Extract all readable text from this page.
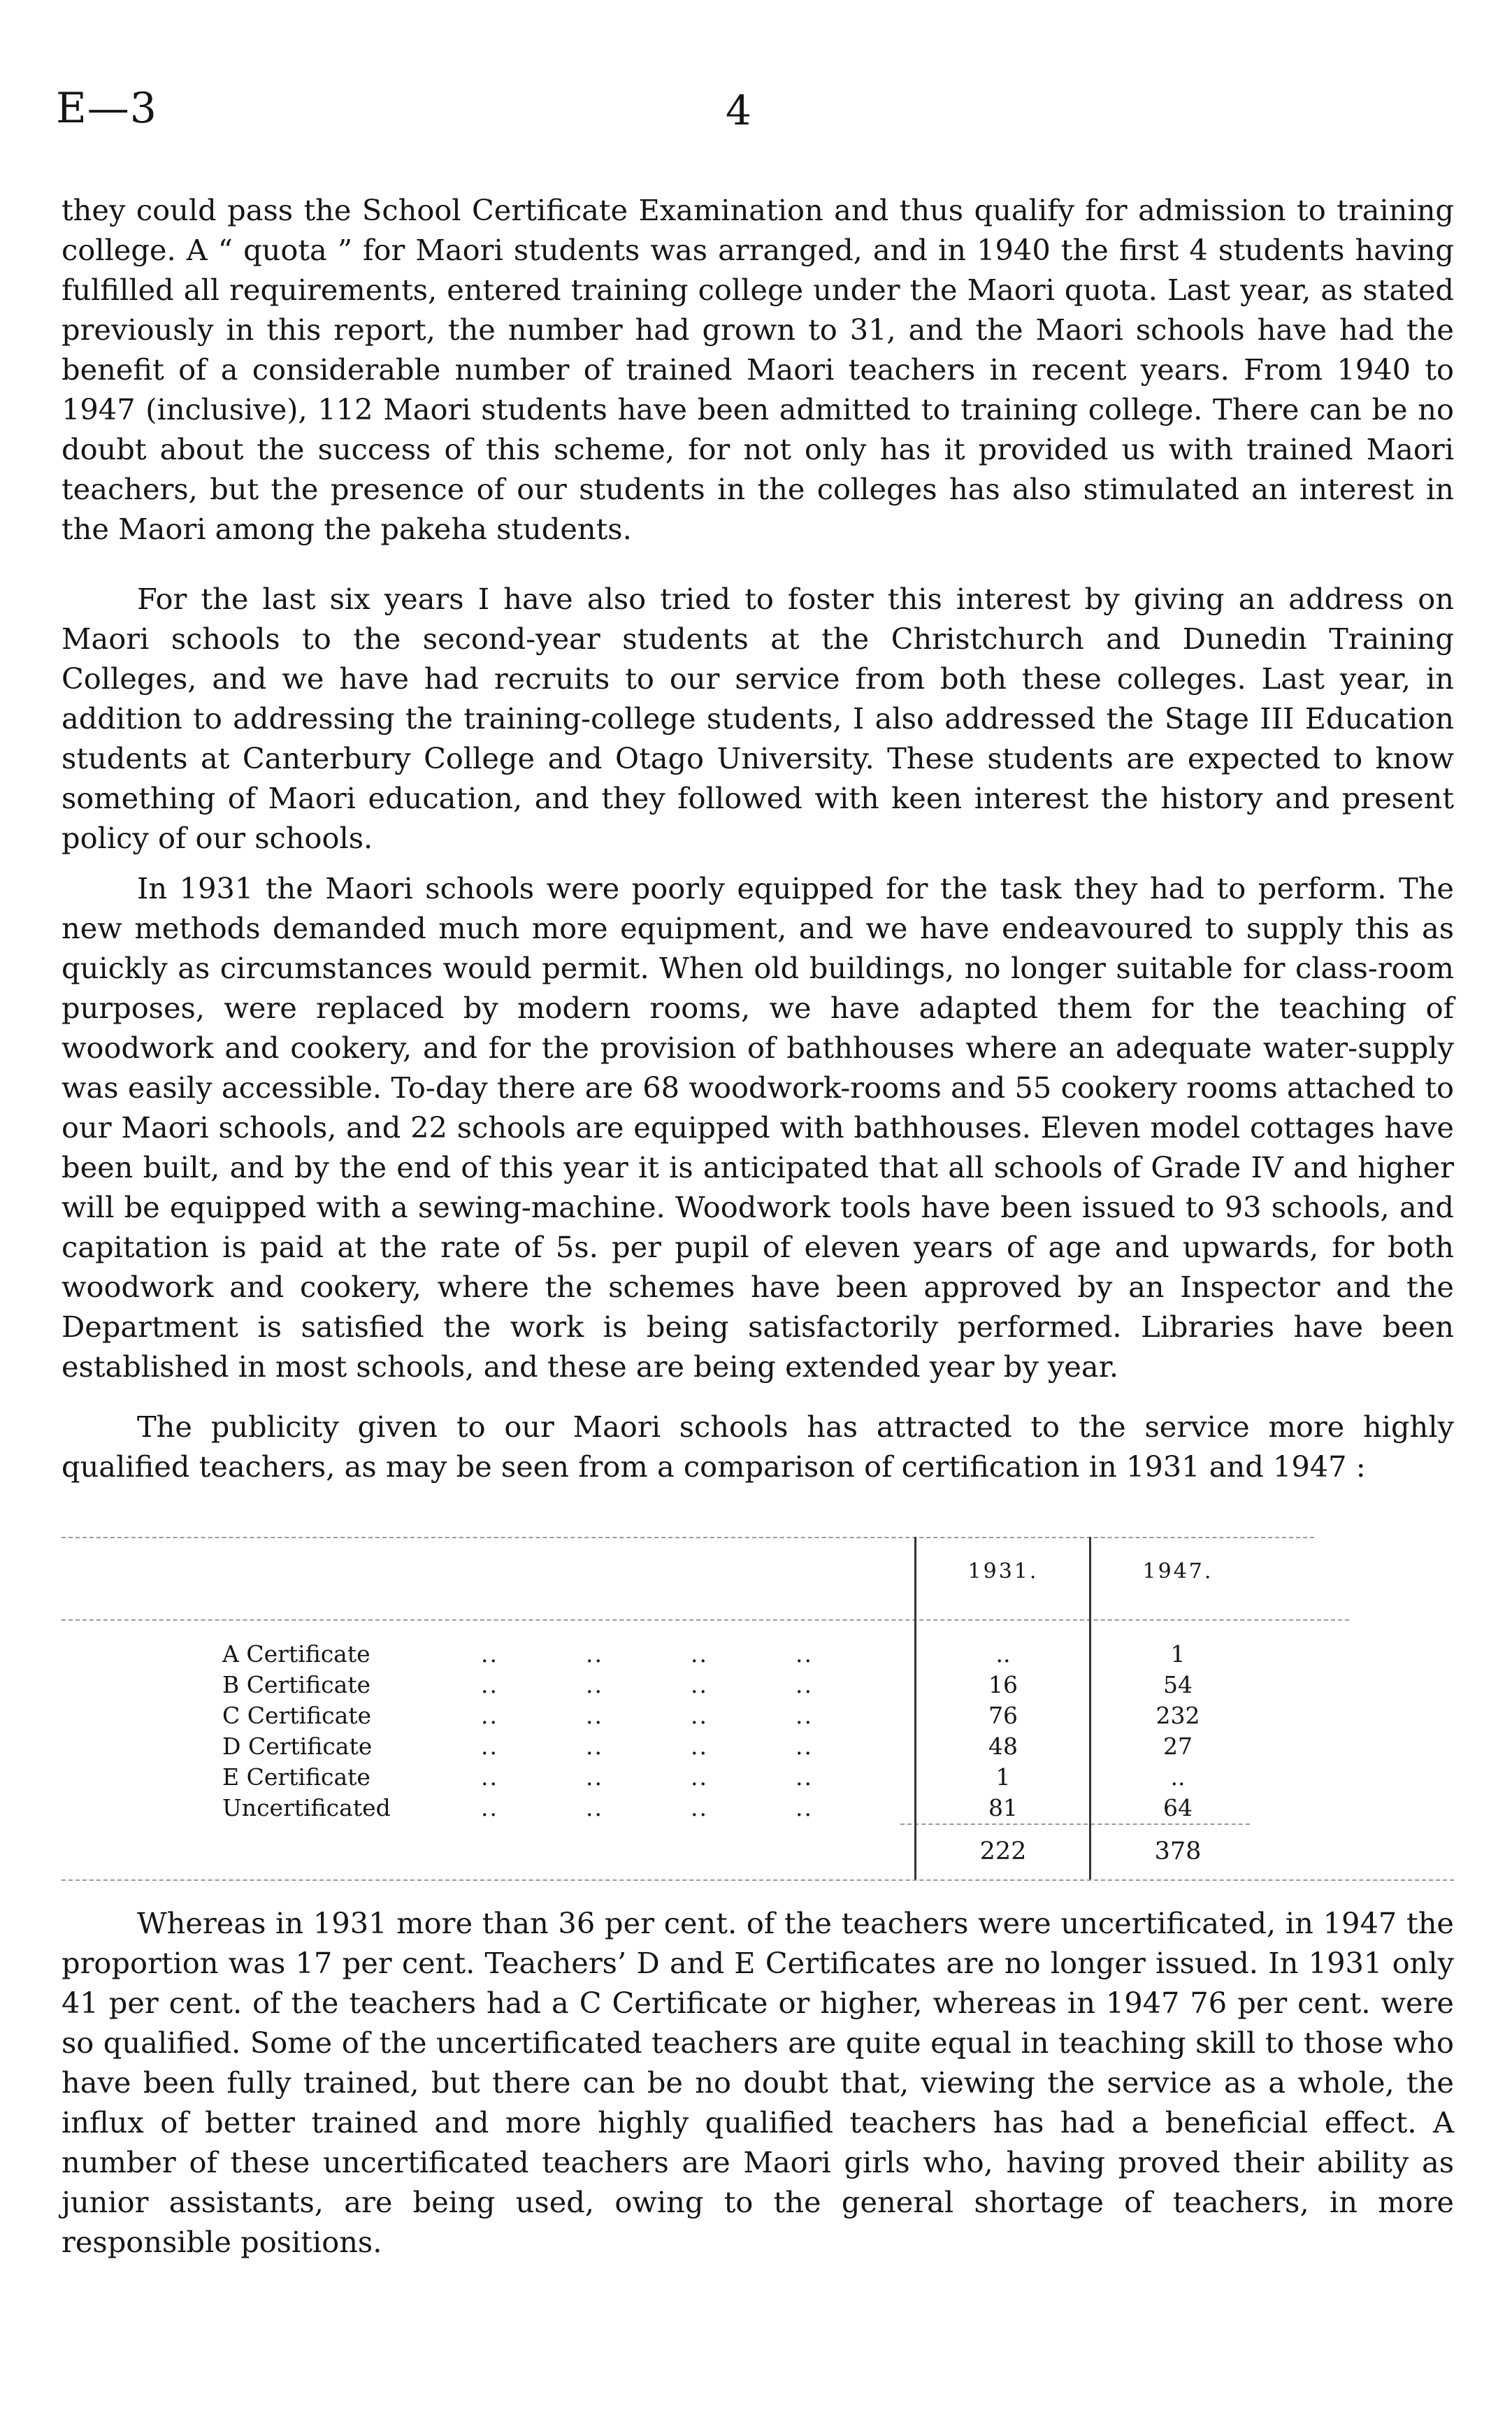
E—3	4

they could pass the School Certificate Examination and thus qualify for admission to training college. A “ quota ” for Maori students was arranged, and in 1940 the first 4 students having fulfilled all requirements, entered training college under the Maori quota. Last year, as stated previously in this report, the number had grown to 31, and the Maori schools have had the benefit of a considerable number of trained Maori teachers in recent years. From 1940 to 1947 (inclusive), 112 Maori students have been admitted to training college. There can be no doubt about the success of this scheme, for not only has it provided us with trained Maori teachers, but the presence of our students in the colleges has also stimulated an interest in the Maori among the pakeha students.

For the last six years I have also tried to foster this interest by giving an address on Maori schools to the second-year students at the Christchurch and Dunedin Training Colleges, and we have had recruits to our service from both these colleges. Last year, in addition to addressing the training-college students, I also addressed the Stage III Education students at Canterbury College and Otago University. These students are expected to know something of Maori education, and they followed with keen interest the history and present policy of our schools.

In 1931 the Maori schools were poorly equipped for the task they had to perform. The new methods demanded much more equipment, and we have endeavoured to supply this as quickly as circumstances would permit. When old buildings, no longer suitable for class-room purposes, were replaced by modern rooms, we have adapted them for the teaching of woodwork and cookery, and for the provision of bathhouses where an adequate water-supply was easily accessible. To-day there are 68 woodwork-rooms and 55 cookery rooms attached to our Maori schools, and 22 schools are equipped with bathhouses. Eleven model cottages have been built, and by the end of this year it is anticipated that all schools of Grade IV and higher will be equipped with a sewing-machine. Woodwork tools have been issued to 93 schools, and capitation is paid at the rate of 5s. per pupil of eleven years of age and upwards, for both woodwork and cookery, where the schemes have been approved by an Inspector and the Department is satisfied the work is being satisfactorily performed. Libraries have been established in most schools, and these are being extended year by year.

The publicity given to our Maori schools has attracted to the service more highly qualified teachers, as may be seen from a comparison of certification in 1931 and 1947 :

1931.	1947.
A Certificate	..	..	..	..	..	1
B Certificate	..	..	..	..	16	54
C Certificate	..	..	..	..	76	232
D Certificate	..	..	..	..	48	27
E Certificate	..	..	..	..	1	..
Uncertificated	..	..	..	..	81	64
222	378

Whereas in 1931 more than 36 per cent. of the teachers were uncertificated, in 1947 the proportion was 17 per cent. Teachers’ D and E Certificates are no longer issued. In 1931 only 41 per cent. of the teachers had a C Certificate or higher, whereas in 1947 76 per cent. were so qualified. Some of the uncertificated teachers are quite equal in teaching skill to those who have been fully trained, but there can be no doubt that, viewing the service as a whole, the influx of better trained and more highly qualified teachers has had a beneficial effect. A number of these uncertificated teachers are Maori girls who, having proved their ability as junior assistants, are being used, owing to the general shortage of teachers, in more responsible positions.
